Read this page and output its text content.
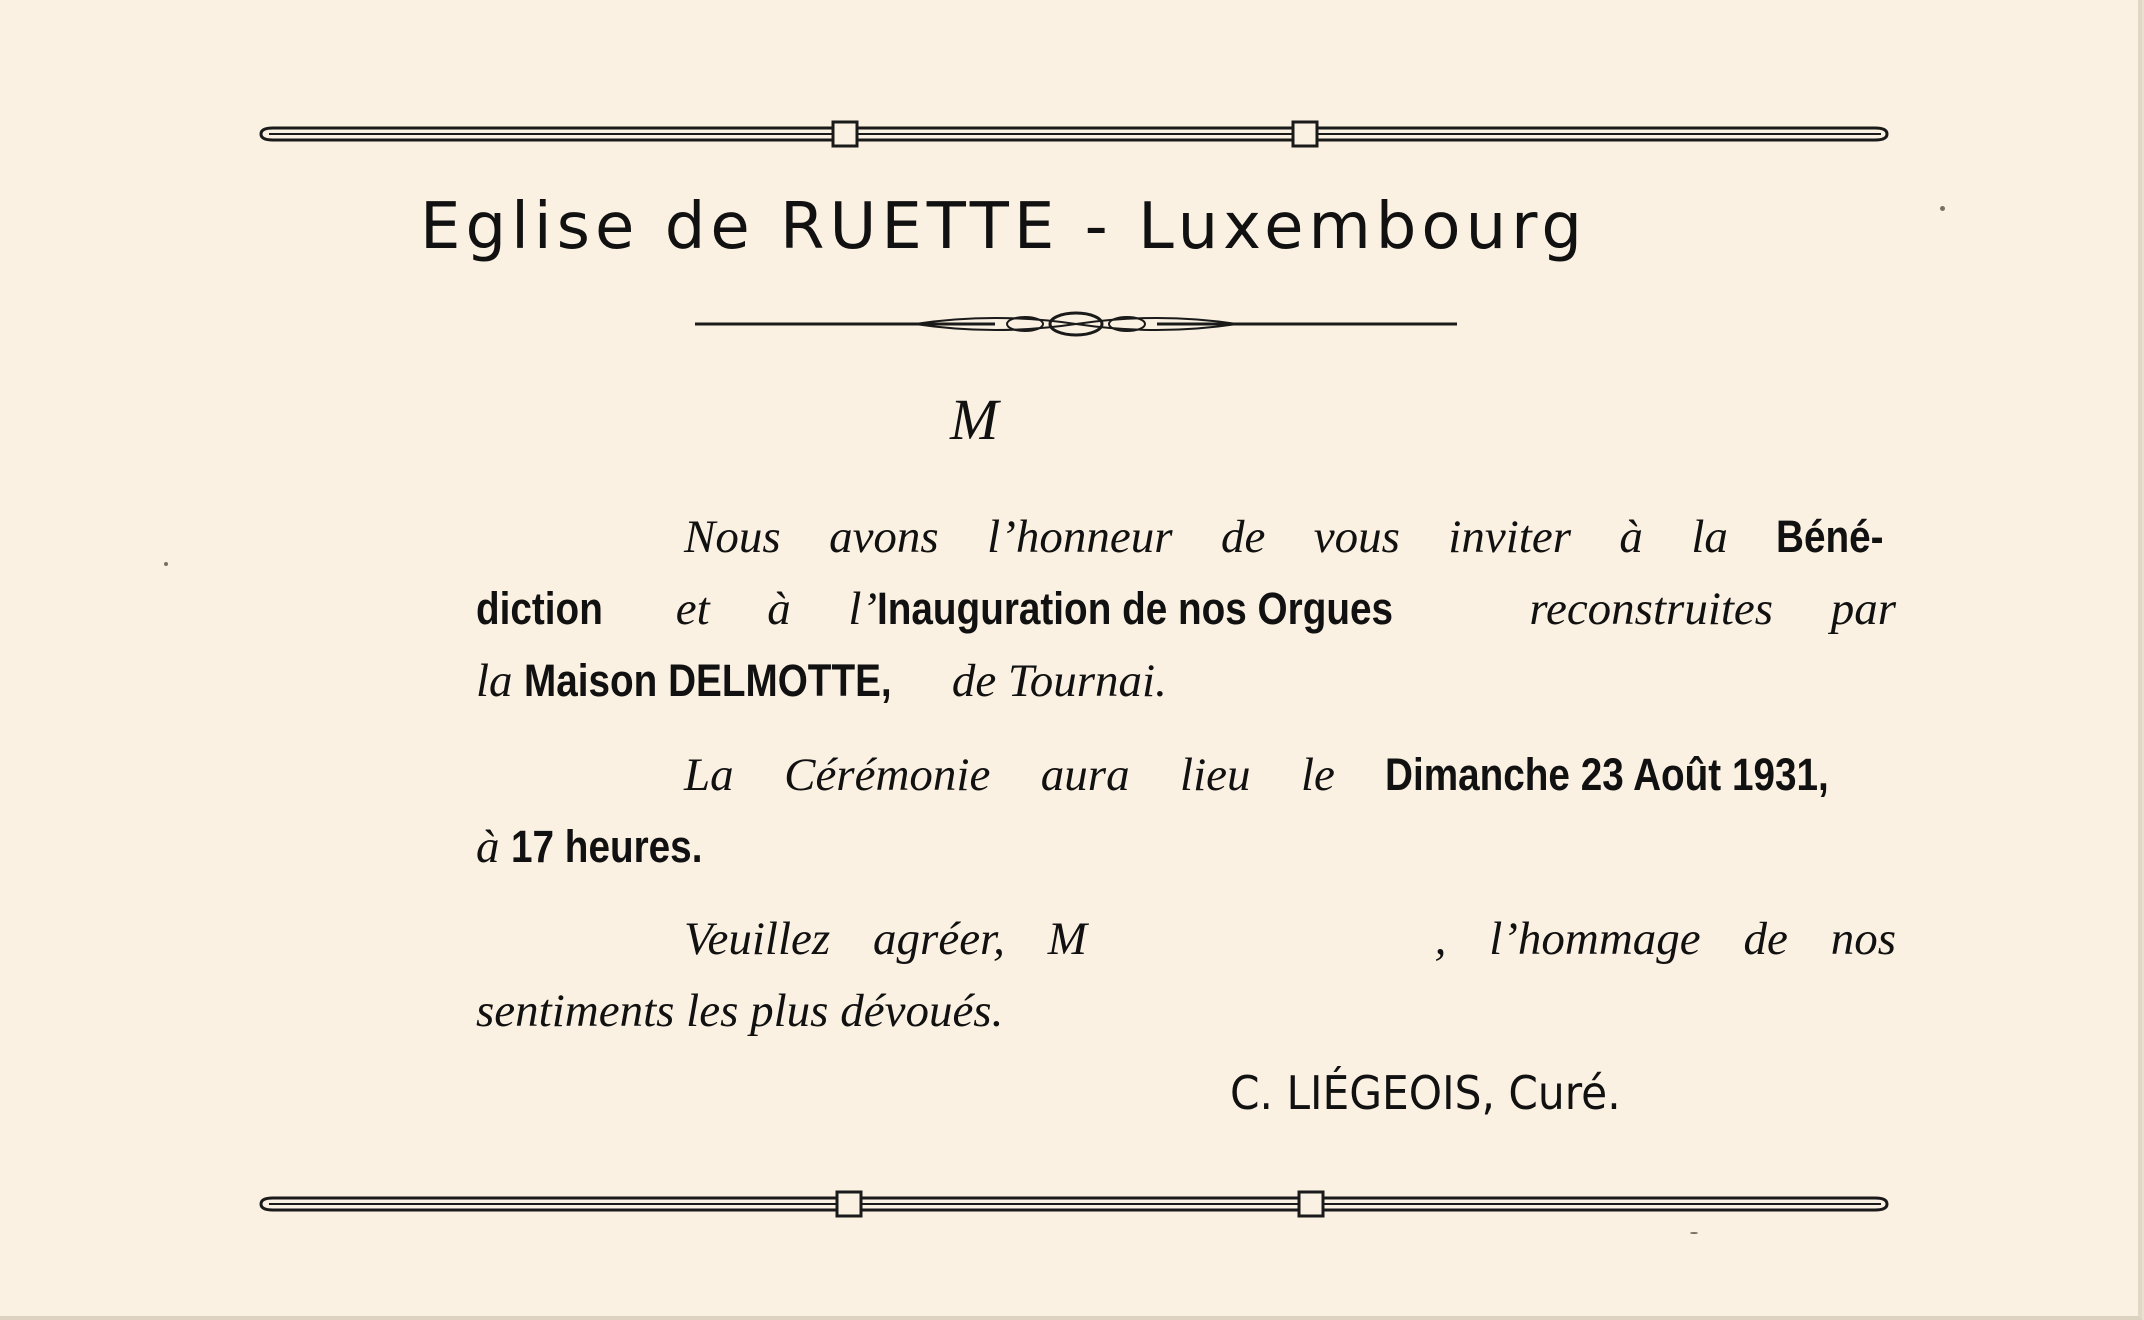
Eglise de RUETTE - Luxembourg
M
Nous avons l’honneur de vous inviter à la Béné-
diction et à l’Inauguration de nos Orgues	reconstruites par
la Maison DELMOTTE, de Tournai.
La Cérémonie aura lieu le Dimanche 23 Août 1931,
à 17 heures.
Veuillez agréer, M	, l’hommage de nos
sentiments les plus dévoués.
C. LIÉGEOIS, Curé.
